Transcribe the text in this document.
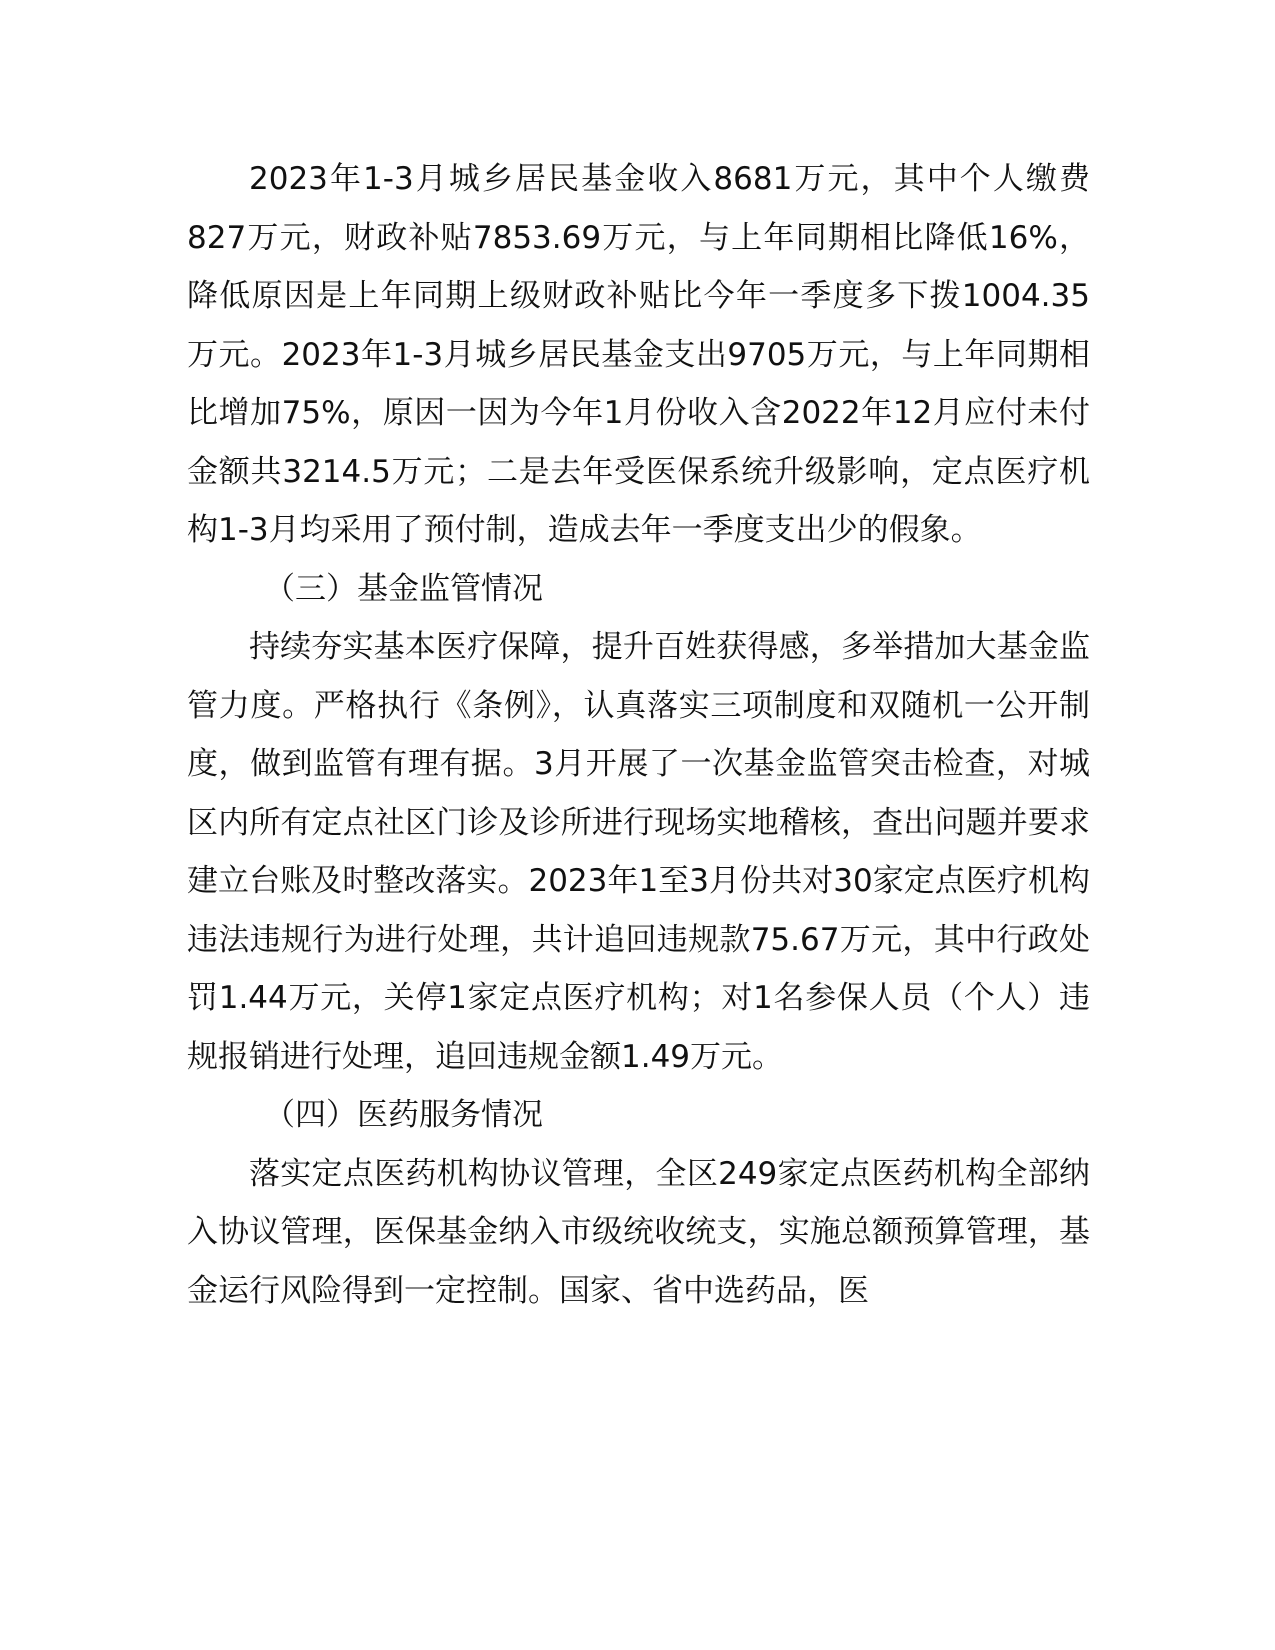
2023年1-3月城乡居民基金收入8681万元，其中个人缴费827万元，财政补贴7853.69万元，与上年同期相比降低16%，降低原因是上年同期上级财政补贴比今年一季度多下拨1004.35万元。2023年1-3月城乡居民基金支出9705万元，与上年同期相比增加75%，原因一因为今年1月份收入含2022年12月应付未付金额共3214.5万元；二是去年受医保系统升级影响，定点医疗机构1-3月均采用了预付制，造成去年一季度支出少的假象。

（三）基金监管情况

持续夯实基本医疗保障，提升百姓获得感，多举措加大基金监管力度。严格执行《条例》，认真落实三项制度和双随机一公开制度，做到监管有理有据。3月开展了一次基金监管突击检查，对城区内所有定点社区门诊及诊所进行现场实地稽核，查出问题并要求建立台账及时整改落实。2023年1至3月份共对30家定点医疗机构违法违规行为进行处理，共计追回违规款75.67万元，其中行政处罚1.44万元，关停1家定点医疗机构；对1名参保人员（个人）违规报销进行处理，追回违规金额1.49万元。

（四）医药服务情况

落实定点医药机构协议管理，全区249家定点医药机构全部纳入协议管理，医保基金纳入市级统收统支，实施总额预算管理，基金运行风险得到一定控制。国家、省中选药品，医
